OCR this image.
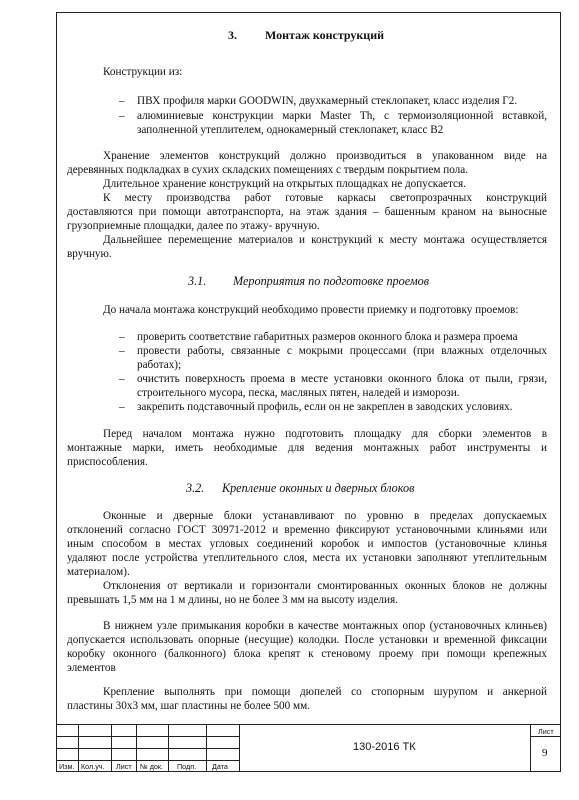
3. Монтаж конструкций
Конструкции из:
– ПВХ профиля марки GOODWIN, двухкамерный стеклопакет, класс изделия Г2.
– алюминиевые конструкции марки Master Th, с термоизоляционной вставкой,
заполненной утеплителем, однокамерный стеклопакет, класс В2
Хранение элементов конструкций должно производиться в упакованном виде на
деревянных подкладках в сухих складских помещениях с твердым покрытием пола.
Длительное хранение конструкций на открытых площадках не допускается.
К месту производства работ готовые каркасы светопрозрачных конструкций
доставляются при помощи автотранспорта, на этаж здания – башенным краном на выносные
грузоприемные площадки, далее по этажу- вручную.
Дальнейшее перемещение материалов и конструкций к месту монтажа осуществляется
вручную.
3.1. Мероприятия по подготовке проемов
До начала монтажа конструкций необходимо провести приемку и подготовку проемов:
– проверить соответствие габаритных размеров оконного блока и размера проема
– провести работы, связанные с мокрыми процессами (при влажных отделочных
работах);
– очистить поверхность проема в месте установки оконного блока от пыли, грязи,
строительного мусора, песка, масляных пятен, наледей и изморози.
– закрепить подставочный профиль, если он не закреплен в заводских условиях.
Перед началом монтажа нужно подготовить площадку для сборки элементов в
монтажные марки, иметь необходимые для ведения монтажных работ инструменты и
приспособления.
3.2. Крепление оконных и дверных блоков
Оконные и дверные блоки устанавливают по уровню в пределах допускаемых
отклонений согласно ГОСТ 30971-2012 и временно фиксируют установочными клиньями или
иным способом в местах угловых соединений коробок и импостов (установочные клинья
удаляют после устройства утеплительного слоя, места их установки заполняют утеплительным
материалом).
Отклонения от вертикали и горизонтали смонтированных оконных блоков не должны
превышать 1,5 мм на 1 м длины, но не более 3 мм на высоту изделия.
В нижнем узле примыкания коробки в качестве монтажных опор (установочных клиньев)
допускается использовать опорные (несущие) колодки. После установки и временной фиксации
коробку оконного (балконного) блока крепят к стеновому проему при помощи крепежных
элементов
Крепление выполнять при помощи дюпелей со стопорным шурупом и анкерной
пластины 30х3 мм, шаг пластины не более 500 мм.
Изм. Кол.уч. Лист № док. Подп. Дата
130-2016 ТК
Лист
9
